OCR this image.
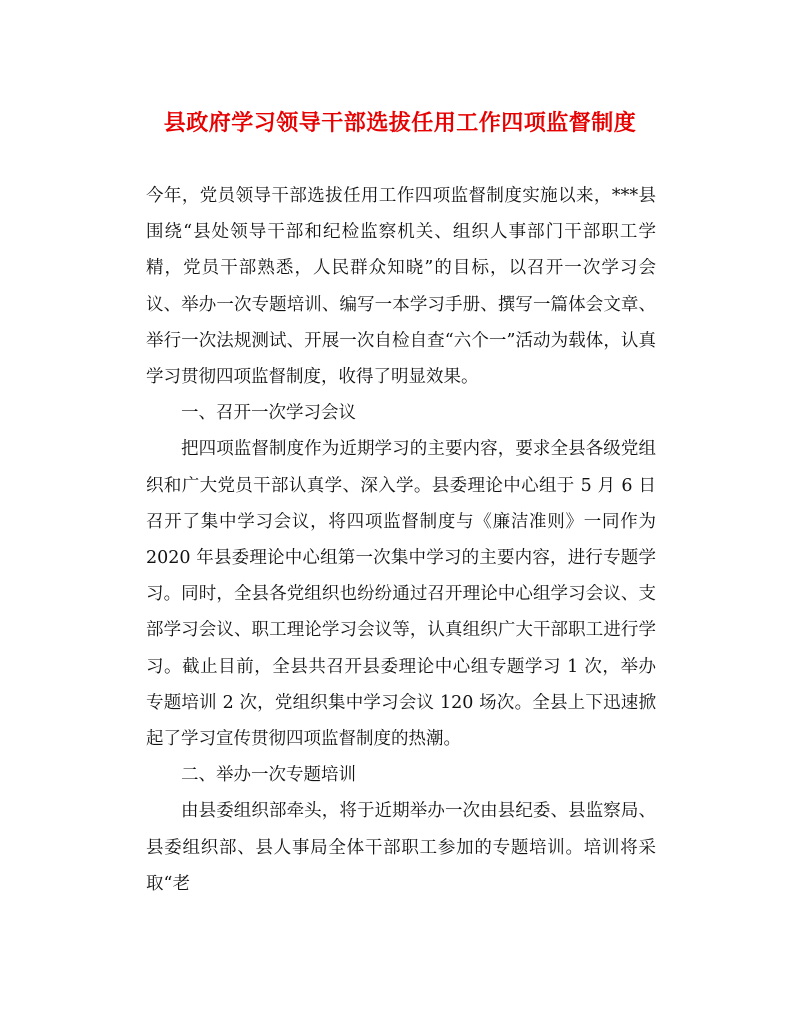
县政府学习领导干部选拔任用工作四项监督制度

今年，党员领导干部选拔任用工作四项监督制度实施以来，***县围绕“县处领导干部和纪检监察机关、组织人事部门干部职工学精，党员干部熟悉，人民群众知晓”的目标，以召开一次学习会议、举办一次专题培训、编写一本学习手册、撰写一篇体会文章、举行一次法规测试、开展一次自检自查“六个一”活动为载体，认真学习贯彻四项监督制度，收得了明显效果。

一、召开一次学习会议

把四项监督制度作为近期学习的主要内容，要求全县各级党组织和广大党员干部认真学、深入学。县委理论中心组于 5 月 6 日召开了集中学习会议，将四项监督制度与《廉洁准则》一同作为 2020 年县委理论中心组第一次集中学习的主要内容，进行专题学习。同时，全县各党组织也纷纷通过召开理论中心组学习会议、支部学习会议、职工理论学习会议等，认真组织广大干部职工进行学习。截止目前，全县共召开县委理论中心组专题学习 1 次，举办专题培训 2 次，党组织集中学习会议 120 场次。全县上下迅速掀起了学习宣传贯彻四项监督制度的热潮。

二、举办一次专题培训

由县委组织部牵头，将于近期举办一次由县纪委、县监察局、县委组织部、县人事局全体干部职工参加的专题培训。培训将采取“老
